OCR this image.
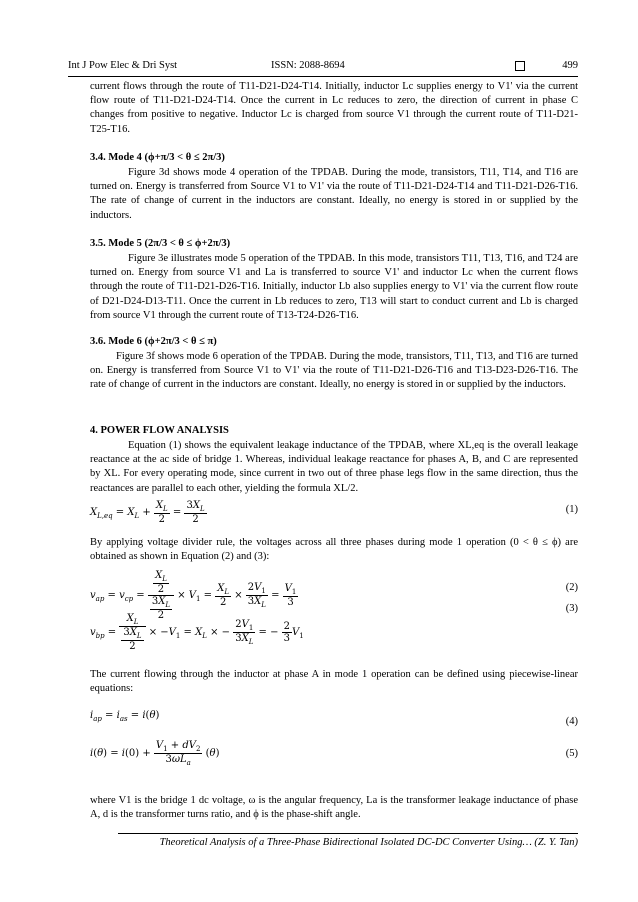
Int J Pow Elec & Dri Syst	ISSN: 2088-8694	499

current flows through the route of T11-D21-D24-T14. Initially, inductor Lc supplies energy to V1' via the current flow route of T11-D21-D24-T14. Once the current in Lc reduces to zero, the direction of current in phase C changes from positive to negative. Inductor Lc is charged from source V1 through the current route of T11-D21-T25-T16.

3.4. Mode 4 (ϕ+π/3 < θ ≤ 2π/3)

Figure 3d shows mode 4 operation of the TPDAB. During the mode, transistors, T11, T14, and T16 are turned on. Energy is transferred from Source V1 to V1' via the route of T11-D21-D24-T14 and T11-D21-D26-T16. The rate of change of current in the inductors are constant. Ideally, no energy is stored in or supplied by the inductors.

3.5. Mode 5 (2π/3 < θ ≤ ϕ+2π/3)

Figure 3e illustrates mode 5 operation of the TPDAB. In this mode, transistors T11, T13, T16, and T24 are turned on. Energy from source V1 and La is transferred to source V1' and inductor Lc when the current flows through the route of T11-D21-D26-T16. Initially, inductor Lb also supplies energy to V1' via the current flow route of D21-D24-D13-T11. Once the current in Lb reduces to zero, T13 will start to conduct current and Lb is charged from source V1 through the current route of T13-T24-D26-T16.

3.6. Mode 6 (ϕ+2π/3 < θ ≤ π)

Figure 3f shows mode 6 operation of the TPDAB. During the mode, transistors, T11, T13, and T16 are turned on. Energy is transferred from Source V1 to V1' via the route of T11-D21-D26-T16 and T13-D23-D26-T16. The rate of change of current in the inductors are constant. Ideally, no energy is stored in or supplied by the inductors.

4. POWER FLOW ANALYSIS

Equation (1) shows the equivalent leakage inductance of the TPDAB, where XL,eq is the overall leakage reactance at the ac side of bridge 1. Whereas, individual leakage reactance for phases A, B, and C are represented by XL. For every operating mode, since current in two out of three phase legs flow in the same direction, thus the reactances are parallel to each other, yielding the formula XL/2.

$X_{L,eq} = X_L + \frac{X_L}{2} = \frac{3X_L}{2}$	(1)

By applying voltage divider rule, the voltages across all three phases during mode 1 operation (0 < θ ≤ ϕ) are obtained as shown in Equation (2) and (3):

$v_{ap} = v_{cp} = \frac{\frac{X_L}{2}}{\frac{3X_L}{2}} \times V_1 = \frac{X_L}{2} \times \frac{2V_1}{3X_L} = \frac{V_1}{3}$	(2)
$v_{bp} = \frac{X_L}{\frac{3X_L}{2}} \times -V_1 = X_L$ × − $\frac{2V_1}{3X_L}$ = − $\frac{2}{3} V_1$
(3)

The current flowing through the inductor at phase A in mode 1 operation can be defined using piecewise-linear equations:

$i_{ap} = i_{as} = i(\theta)$
(4)
$i(\theta) = i(0) + \frac{V_1 + dV_2}{3\omega L_a} (\theta)$	(5)

where V1 is the bridge 1 dc voltage, ω is the angular frequency, La is the transformer leakage inductance of phase A, d is the transformer turns ratio, and ϕ is the phase-shift angle.

Theoretical Analysis of a Three-Phase Bidirectional Isolated DC-DC Converter Using… (Z. Y. Tan)
